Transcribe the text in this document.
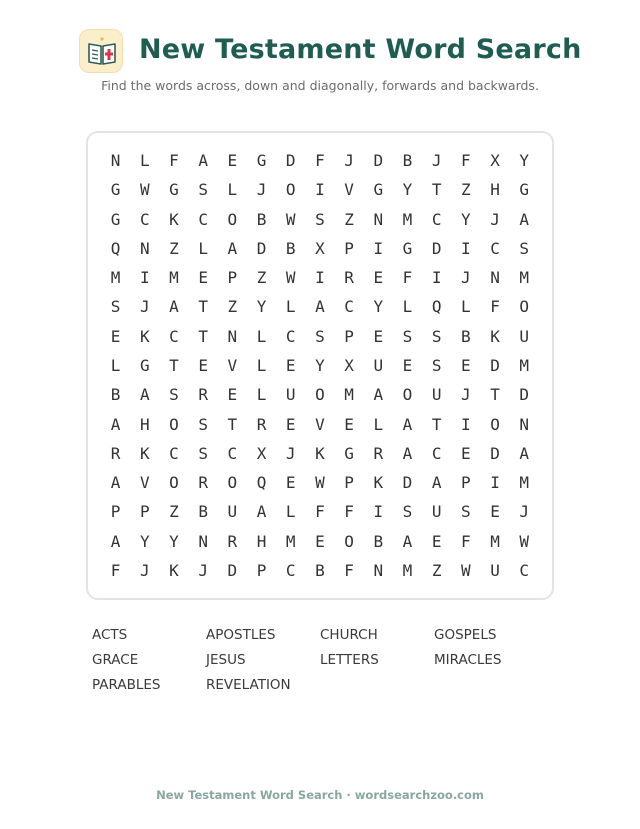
New Testament Word Search
Find the words across, down and diagonally, forwards and backwards.
N	L	F	A	E	G	D	F	J	D	B	J	F	X	Y
G	W	G	S	L	J	O	I	V	G	Y	T	Z	H	G
G	C	K	C	O	B	W	S	Z	N	M	C	Y	J	A
Q	N	Z	L	A	D	B	X	P	I	G	D	I	C	S
M	I	M	E	P	Z	W	I	R	E	F	I	J	N	M
S	J	A	T	Z	Y	L	A	C	Y	L	Q	L	F	O
E	K	C	T	N	L	C	S	P	E	S	S	B	K	U
L	G	T	E	V	L	E	Y	X	U	E	S	E	D	M
B	A	S	R	E	L	U	O	M	A	O	U	J	T	D
A	H	O	S	T	R	E	V	E	L	A	T	I	O	N
R	K	C	S	C	X	J	K	G	R	A	C	E	D	A
A	V	O	R	O	Q	E	W	P	K	D	A	P	I	M
P	P	Z	B	U	A	L	F	F	I	S	U	S	E	J
A	Y	Y	N	R	H	M	E	O	B	A	E	F	M	W
F	J	K	J	D	P	C	B	F	N	M	Z	W	U	C
ACTS	APOSTLES	CHURCH	GOSPELS
GRACE	JESUS	LETTERS	MIRACLES
PARABLES	REVELATION
New Testament Word Search · wordsearchzoo.com
